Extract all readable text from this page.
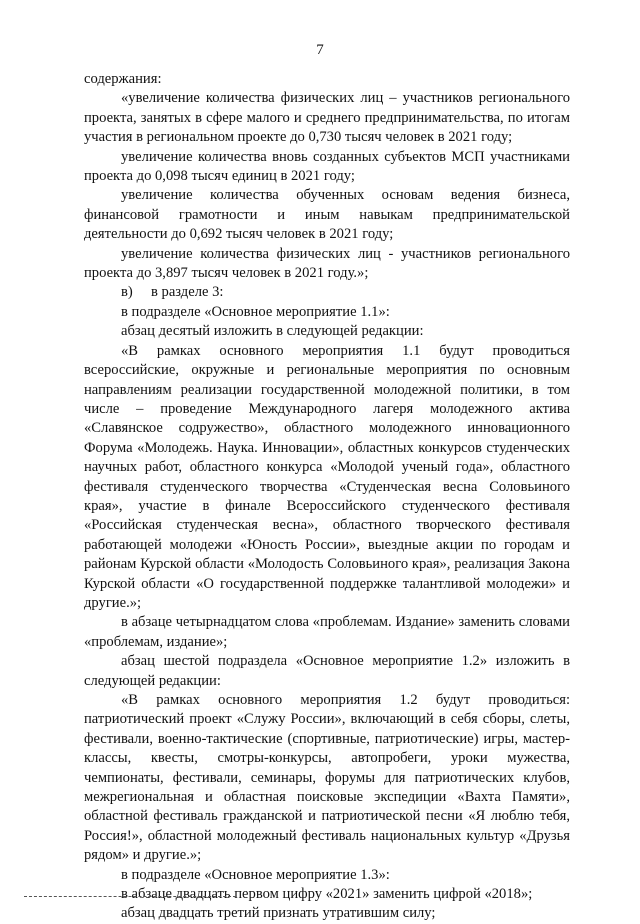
7

содержания:

«увеличение количества физических лиц – участников регионального проекта, занятых в сфере малого и среднего предпринимательства, по итогам участия в региональном проекте до 0,730 тысяч человек в 2021 году;

увеличение количества вновь созданных субъектов МСП участниками проекта до 0,098 тысяч единиц в 2021 году;

увеличение количества обученных основам ведения бизнеса, финансовой грамотности и иным навыкам предпринимательской деятельности до 0,692 тысяч человек в 2021 году;

увеличение количества физических лиц - участников регионального проекта до 3,897 тысяч человек в 2021 году.»;

в)     в разделе 3:

в подразделе «Основное мероприятие 1.1»:

абзац десятый изложить в следующей редакции:

«В рамках основного мероприятия 1.1 будут проводиться всероссийские, окружные и региональные мероприятия по основным направлениям реализации государственной молодежной политики, в том числе – проведение Международного лагеря молодежного актива «Славянское содружество», областного молодежного инновационного Форума «Молодежь. Наука. Инновации», областных конкурсов студенческих научных работ, областного конкурса «Молодой ученый года», областного фестиваля студенческого творчества «Студенческая весна Соловьиного края», участие в финале Всероссийского студенческого фестиваля «Российская студенческая весна», областного творческого фестиваля работающей молодежи «Юность России», выездные акции по городам и районам Курской области «Молодость Соловьиного края», реализация Закона Курской области «О государственной поддержке талантливой молодежи» и другие.»;

в абзаце четырнадцатом слова «проблемам. Издание» заменить словами «проблемам, издание»;

абзац шестой подраздела «Основное мероприятие 1.2» изложить в следующей редакции:

«В рамках основного мероприятия 1.2 будут проводиться: патриотический проект «Служу России», включающий в себя сборы, слеты, фестивали, военно-тактические (спортивные, патриотические) игры, мастер-классы, квесты, смотры-конкурсы, автопробеги, уроки мужества, чемпионаты, фестивали, семинары, форумы для патриотических клубов, межрегиональная и областная поисковые экспедиции «Вахта Памяти», областной фестиваль гражданской и патриотической песни «Я люблю тебя, Россия!», областной молодежный фестиваль национальных культур «Друзья рядом» и другие.»;

в подразделе «Основное мероприятие 1.3»:

в абзаце двадцать первом цифру «2021» заменить цифрой «2018»;

абзац двадцать третий признать утратившим силу;
